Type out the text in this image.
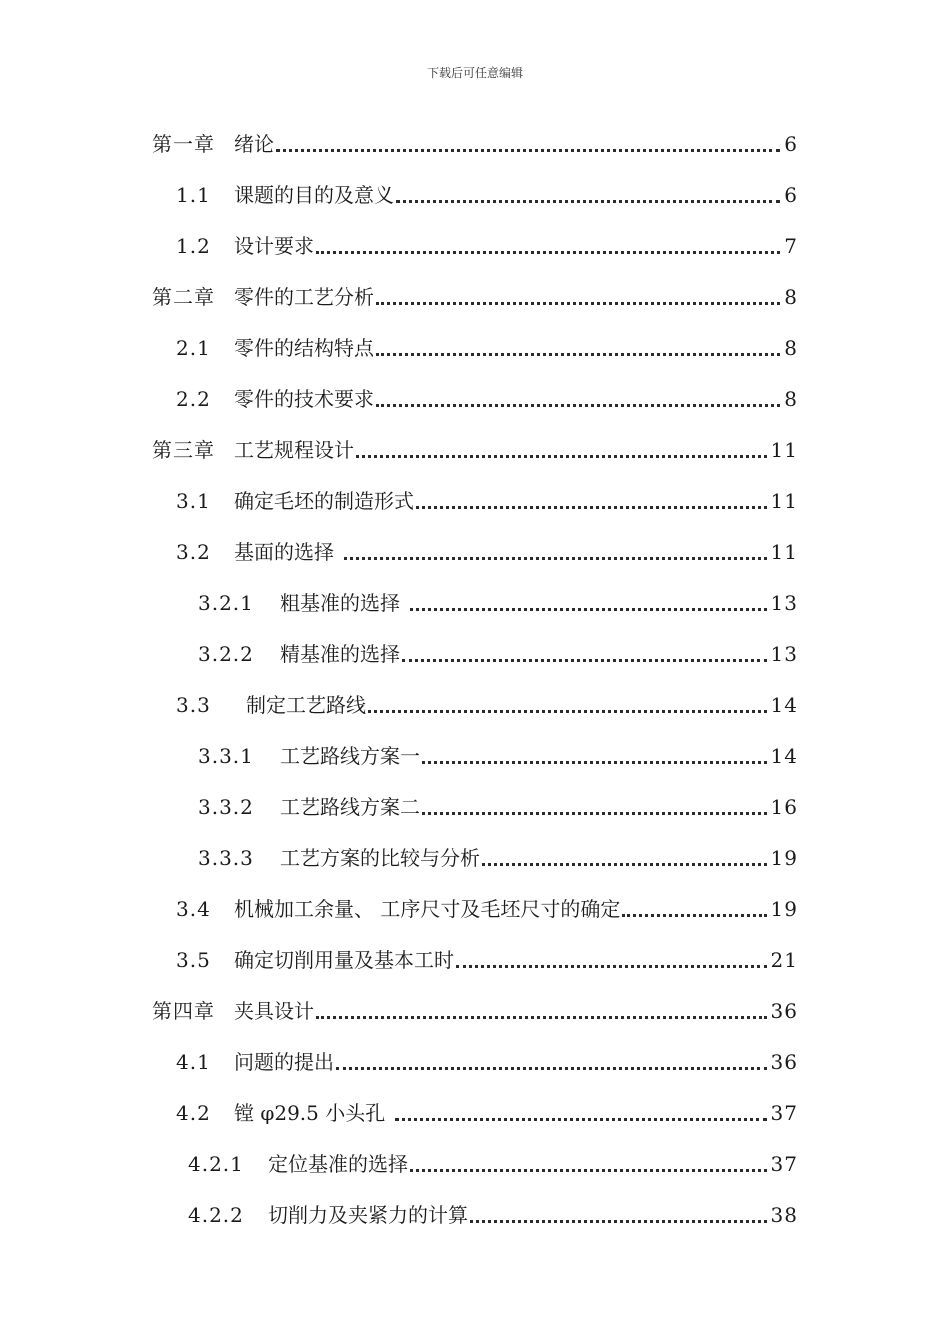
下载后可任意编辑
第一章 绪论	6
1.1 课题的目的及意义	6
1.2 设计要求	7
第二章 零件的工艺分析	8
2.1 零件的结构特点	8
2.2 零件的技术要求	8
第三章 工艺规程设计	11
3.1 确定毛坯的制造形式	11
3.2 基面的选择	11
3.2.1 粗基准的选择	13
3.2.2 精基准的选择	13
3.3 制定工艺路线	14
3.3.1 工艺路线方案一	14
3.3.2 工艺路线方案二	16
3.3.3 工艺方案的比较与分析	19
3.4 机械加工余量、 工序尺寸及毛坯尺寸的确定	19
3.5 确定切削用量及基本工时	21
第四章 夹具设计	36
4.1 问题的提出	36
4.2 镗 φ29.5 小头孔	37
4.2.1 定位基准的选择	37
4.2.2 切削力及夹紧力的计算	38
